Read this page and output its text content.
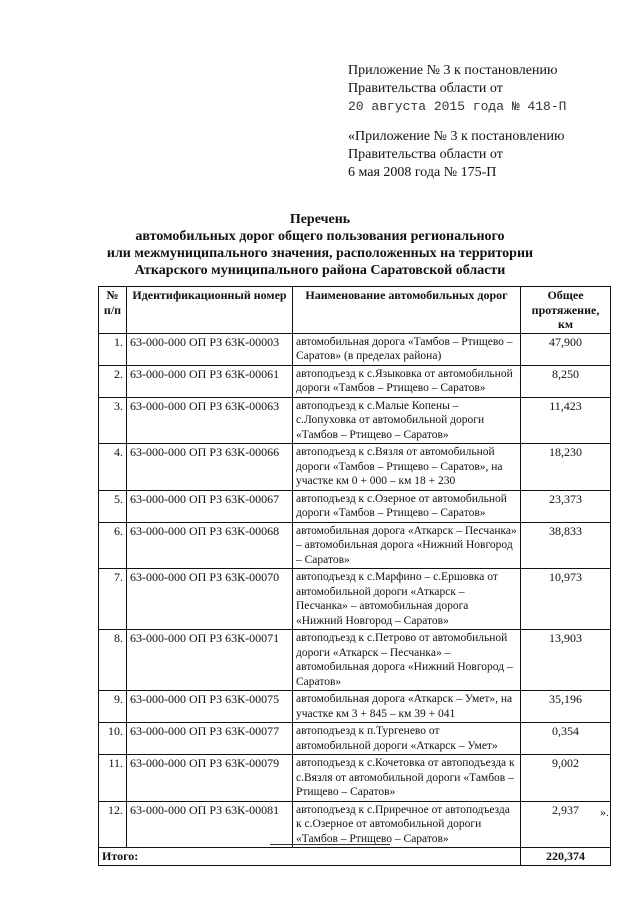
Приложение № 3 к постановлению
Правительства области от
20 августа 2015 года № 418-П
«Приложение № 3 к постановлению
Правительства области от
6 мая 2008 года № 175-П
Перечень
автомобильных дорог общего пользования регионального
или межмуниципального значения, расположенных на территории
Аткарского муниципального района Саратовской области
№ п/п	Идентификационный номер	Наименование автомобильных дорог	Общее протяжение, км
1.	63-000-000 ОП РЗ 63К-00003	автомобильная дорога «Тамбов – Ртищево – Саратов» (в пределах района)	47,900
2.	63-000-000 ОП РЗ 63К-00061	автоподъезд к с.Языковка от автомобильной дороги «Тамбов – Ртищево – Саратов»	8,250
3.	63-000-000 ОП РЗ 63К-00063	автоподъезд к с.Малые Копены – с.Лопуховка от автомобильной дороги «Тамбов – Ртищево – Саратов»	11,423
4.	63-000-000 ОП РЗ 63К-00066	автоподъезд к с.Вязля от автомобильной дороги «Тамбов – Ртищево – Саратов», на участке км 0 + 000 – км 18 + 230	18,230
5.	63-000-000 ОП РЗ 63К-00067	автоподъезд к с.Озерное от автомобильной дороги «Тамбов – Ртищево – Саратов»	23,373
6.	63-000-000 ОП РЗ 63К-00068	автомобильная дорога «Аткарск – Песчанка» – автомобильная дорога «Нижний Новгород – Саратов»	38,833
7.	63-000-000 ОП РЗ 63К-00070	автоподъезд к с.Марфино – с.Ершовка от автомобильной дороги «Аткарск – Песчанка» – автомобильная дорога «Нижний Новгород – Саратов»	10,973
8.	63-000-000 ОП РЗ 63К-00071	автоподъезд к с.Петрово от автомобильной дороги «Аткарск – Песчанка» – автомобильная дорога «Нижний Новгород – Саратов»	13,903
9.	63-000-000 ОП РЗ 63К-00075	автомобильная дорога «Аткарск – Умет», на участке км 3 + 845 – км 39 + 041	35,196
10.	63-000-000 ОП РЗ 63К-00077	автоподъезд к п.Тургенево от автомобильной дороги «Аткарск – Умет»	0,354
11.	63-000-000 ОП РЗ 63К-00079	автоподъезд к с.Кочетовка от автоподъезда к с.Вязля от автомобильной дороги «Тамбов – Ртищево – Саратов»	9,002
12.	63-000-000 ОП РЗ 63К-00081	автоподъезд к с.Приречное от автоподъезда к с.Озерное от автомобильной дороги «Тамбов – Ртищево – Саратов»	2,937
Итого:			220,374
».
